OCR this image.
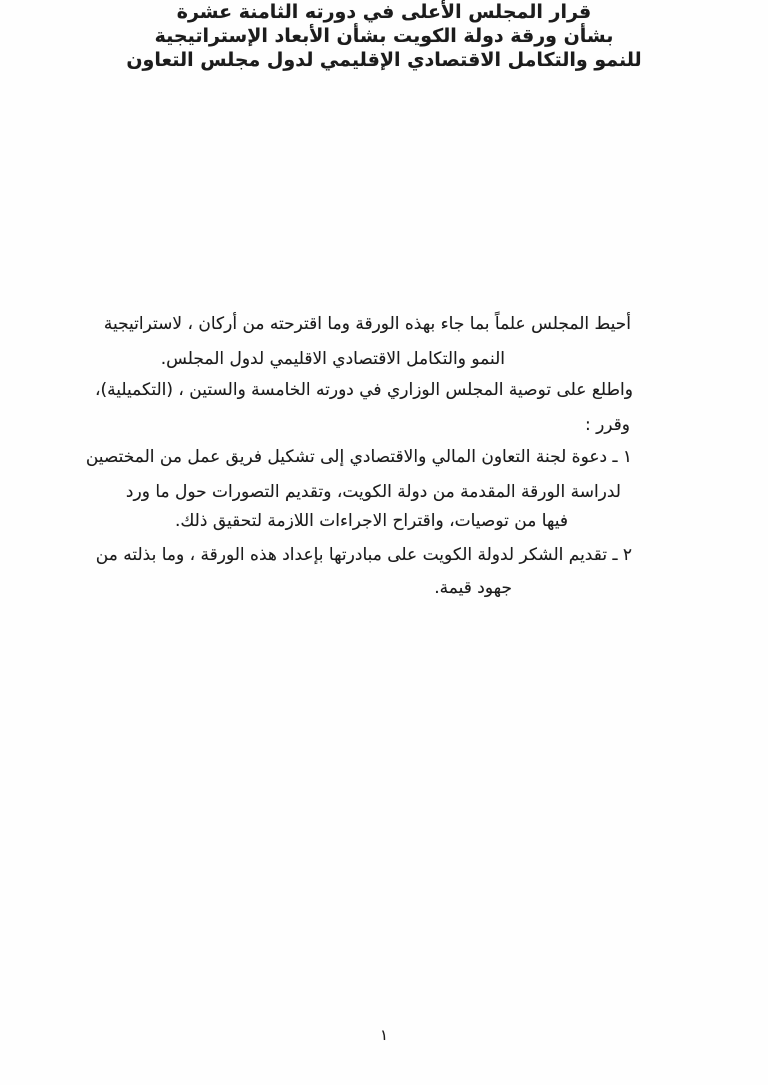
قرار المجلس الأعلى في دورته الثامنة عشرة
بشأن ورقة دولة الكويت بشأن الأبعاد الإستراتيجية
للنمو والتكامل الاقتصادي الإقليمي لدول مجلس التعاون
أحيط المجلس علماً بما جاء بهذه الورقة وما اقترحته من أركان ، لاستراتيجية
النمو والتكامل الاقتصادي الاقليمي لدول المجلس.
واطلع على توصية المجلس الوزاري في دورته الخامسة والستين ، (التكميلية)،
وقرر :
١ ـ دعوة لجنة التعاون المالي والاقتصادي إلى تشكيل فريق عمل من المختصين
لدراسة الورقة المقدمة من دولة الكويت، وتقديم التصورات حول ما ورد
فيها من توصيات، واقتراح الاجراءات اللازمة لتحقيق ذلك.
٢ ـ تقديم الشكر لدولة الكويت على مبادرتها بإعداد هذه الورقة ، وما بذلته من
جهود قيمة.
١
